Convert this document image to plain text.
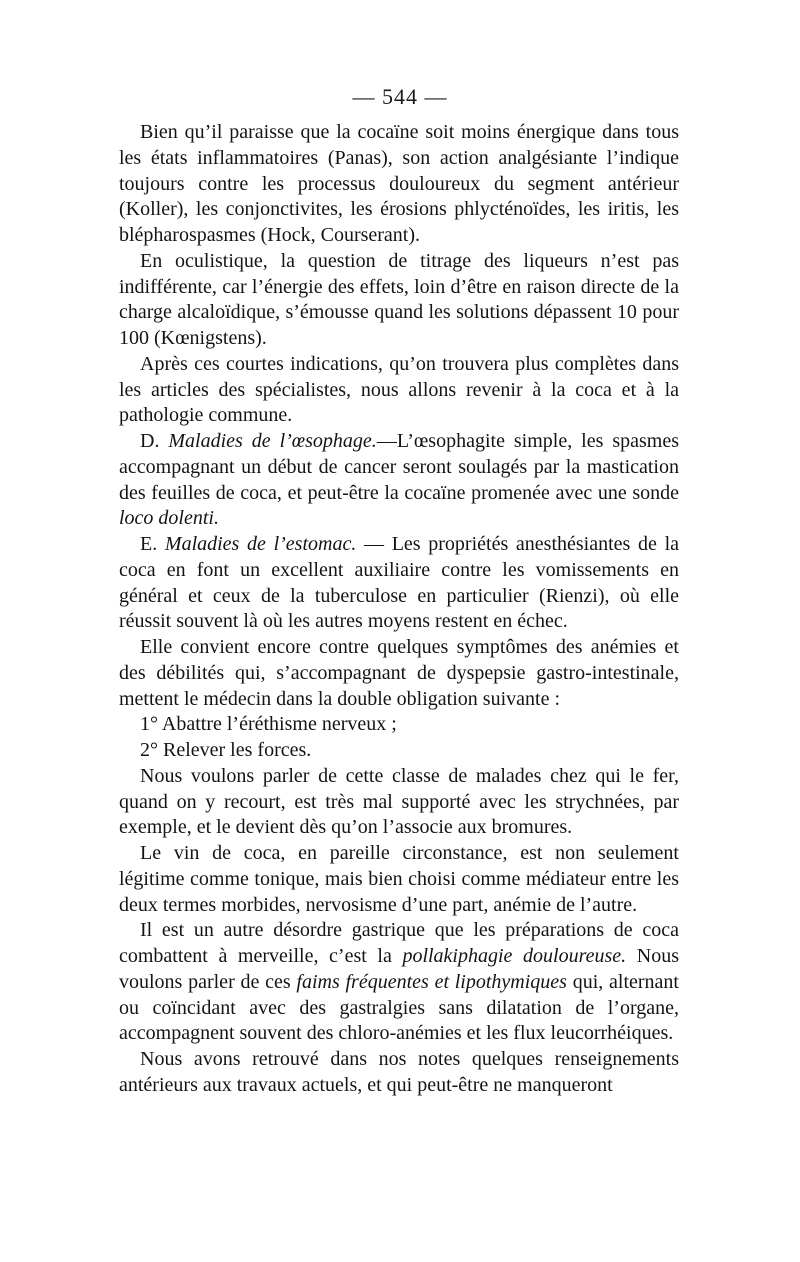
— 544 —

Bien qu’il paraisse que la cocaïne soit moins énergique dans tous les états inflammatoires (Panas), son action analgésiante l’indique toujours contre les processus douloureux du segment antérieur (Koller), les conjonctivites, les érosions phlycténoïdes, les iritis, les blépharospasmes (Hock, Courserant).

En oculistique, la question de titrage des liqueurs n’est pas indifférente, car l’énergie des effets, loin d’être en raison directe de la charge alcaloïdique, s’émousse quand les solutions dépassent 10 pour 100 (Kœnigstens).

Après ces courtes indications, qu’on trouvera plus complètes dans les articles des spécialistes, nous allons revenir à la coca et à la pathologie commune.

D. Maladies de l’œsophage.—L’œsophagite simple, les spasmes accompagnant un début de cancer seront soulagés par la mastication des feuilles de coca, et peut-être la cocaïne promenée avec une sonde loco dolenti.

E. Maladies de l’estomac. — Les propriétés anesthésiantes de la coca en font un excellent auxiliaire contre les vomissements en général et ceux de la tuberculose en particulier (Rienzi), où elle réussit souvent là où les autres moyens restent en échec.

Elle convient encore contre quelques symptômes des anémies et des débilités qui, s’accompagnant de dyspepsie gastro-intestinale, mettent le médecin dans la double obligation suivante :

1° Abattre l’éréthisme nerveux ;

2° Relever les forces.

Nous voulons parler de cette classe de malades chez qui le fer, quand on y recourt, est très mal supporté avec les strychnées, par exemple, et le devient dès qu’on l’associe aux bromures.

Le vin de coca, en pareille circonstance, est non seulement légitime comme tonique, mais bien choisi comme médiateur entre les deux termes morbides, nervosisme d’une part, anémie de l’autre.

Il est un autre désordre gastrique que les préparations de coca combattent à merveille, c’est la pollakiphagie douloureuse. Nous voulons parler de ces faims fréquentes et lipothymiques qui, alternant ou coïncidant avec des gastralgies sans dilatation de l’organe, accompagnent souvent des chloro-anémies et les flux leucorrhéiques.

Nous avons retrouvé dans nos notes quelques renseignements antérieurs aux travaux actuels, et qui peut-être ne manqueront
